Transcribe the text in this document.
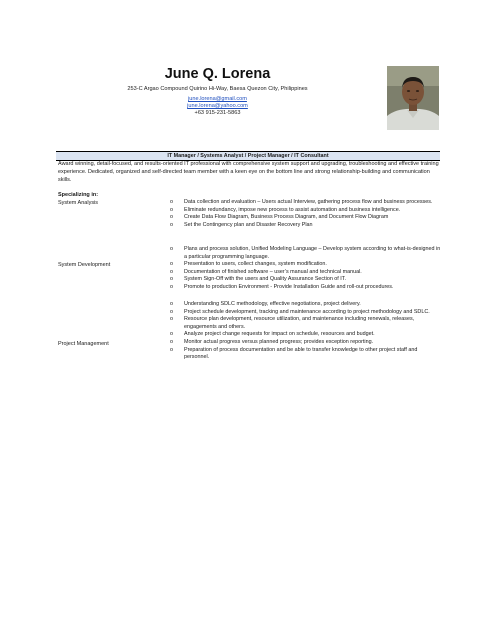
June Q. Lorena
253-C Argao Compound Quirino Hi-Way, Baesa Quezon City, Philippines
june.lorena@gmail.com
june.lorena@yahoo.com
+63 915-231-5863
IT Manager / Systems Analyst / Project Manager / IT Consultant
Award winning, detail-focused, and results-oriented IT professional with comprehensive system support and upgrading, troubleshooting and effective training experience. Dedicated, organized and self-directed team member with a keen eye on the bottom line and strong relationship-building and communication skills.
Specializing in:
System Analysis
System Development
Project Management
o Data collection and evaluation – Users actual Interview, gathering process flow and business processes.
o Eliminate redundancy, impose new process to assist automation and business intelligence.
o Create Data Flow Diagram, Business Process Diagram, and Document Flow Diagram
o Set the Contingency plan and Disaster Recovery Plan
o Plans and process solution, Unified Modeling Language – Develop system according to what-is-designed in a particular programming language.
o Presentation to users, collect changes, system modification.
o Documentation of finished software – user’s manual and technical manual.
o System Sign-Off with the users and Quality Assurance Section of IT.
o Promote to production Environment - Provide Installation Guide and roll-out procedures.
o Understanding SDLC methodology, effective negotiations, project delivery.
o Project schedule development, tracking and maintenance according to project methodology and SDLC.
o Resource plan development, resource utilization, and maintenance including renewals, releases, engagements and others.
o Analyze project change requests for impact on schedule, resources and budget.
o Monitor actual progress versus planned progress; provides exception reporting.
o Preparation of process documentation and be able to transfer knowledge to other project staff and personnel.
